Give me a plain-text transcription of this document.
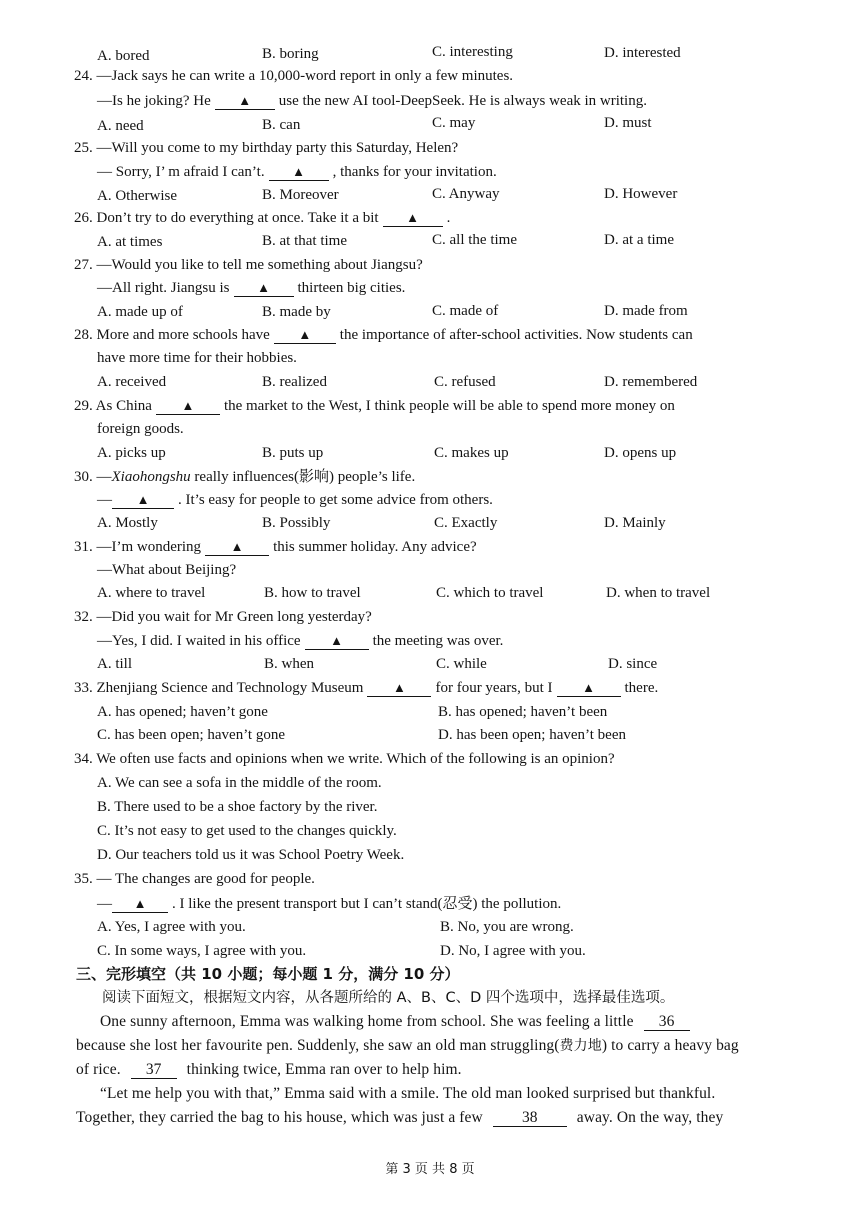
A. bored	B. boring	C. interesting	D. interested
24. —Jack says he can write a 10,000-word report in only a few minutes.
—Is he joking? He ▲ use the new AI tool-DeepSeek. He is always weak in writing.
A. need	B. can	C. may	D. must
25. —Will you come to my birthday party this Saturday, Helen?
— Sorry, I’ m afraid I can’t. ▲ , thanks for your invitation.
A. Otherwise	B. Moreover	C. Anyway	D. However
26. Don’t try to do everything at once. Take it a bit ▲ .
A. at times	B. at that time	C. all the time	D. at a time
27. —Would you like to tell me something about Jiangsu?
—All right. Jiangsu is ▲ thirteen big cities.
A. made up of	B. made by	C. made of	D. made from
28. More and more schools have ▲ the importance of after-school activities. Now students can
have more time for their hobbies.
A. received	B. realized	C. refused	D. remembered
29. As China ▲ the market to the West, I think people will be able to spend more money on
foreign goods.
A. picks up	B. puts up	C. makes up	D. opens up
30. —Xiaohongshu really influences(影响) people’s life.
— ▲ . It’s easy for people to get some advice from others.
A. Mostly	B. Possibly	C. Exactly	D. Mainly
31. —I’m wondering ▲ this summer holiday. Any advice?
—What about Beijing?
A. where to travel	B. how to travel	C. which to travel	D. when to travel
32. —Did you wait for Mr Green long yesterday?
—Yes, I did. I waited in his office ▲ the meeting was over.
A. till	B. when	C. while	D. since
33. Zhenjiang Science and Technology Museum ▲ for four years, but I ▲ there.
A. has opened; haven’t gone	B. has opened; haven’t been
C. has been open; haven’t gone	D. has been open; haven’t been
34. We often use facts and opinions when we write. Which of the following is an opinion?
A. We can see a sofa in the middle of the room.
B. There used to be a shoe factory by the river.
C. It’s not easy to get used to the changes quickly.
D. Our teachers told us it was School Poetry Week.
35. — The changes are good for people.
— ▲ . I like the present transport but I can’t stand(忍受) the pollution.
A. Yes, I agree with you.	B. No, you are wrong.
C. In some ways, I agree with you.	D. No, I agree with you.
三、完形填空（共 10 小题；每小题 1 分，满分 10 分）
阅读下面短文，根据短文内容，从各题所给的 A、B、C、D 四个选项中，选择最佳选项。
One sunny afternoon, Emma was walking home from school. She was feeling a little 36
because she lost her favourite pen. Suddenly, she saw an old man struggling(费力地) to carry a heavy bag
of rice. 37 thinking twice, Emma ran over to help him.
“Let me help you with that,” Emma said with a smile. The old man looked surprised but thankful.
Together, they carried the bag to his house, which was just a few	38	away. On the way, they
第 3 页 共 8 页
